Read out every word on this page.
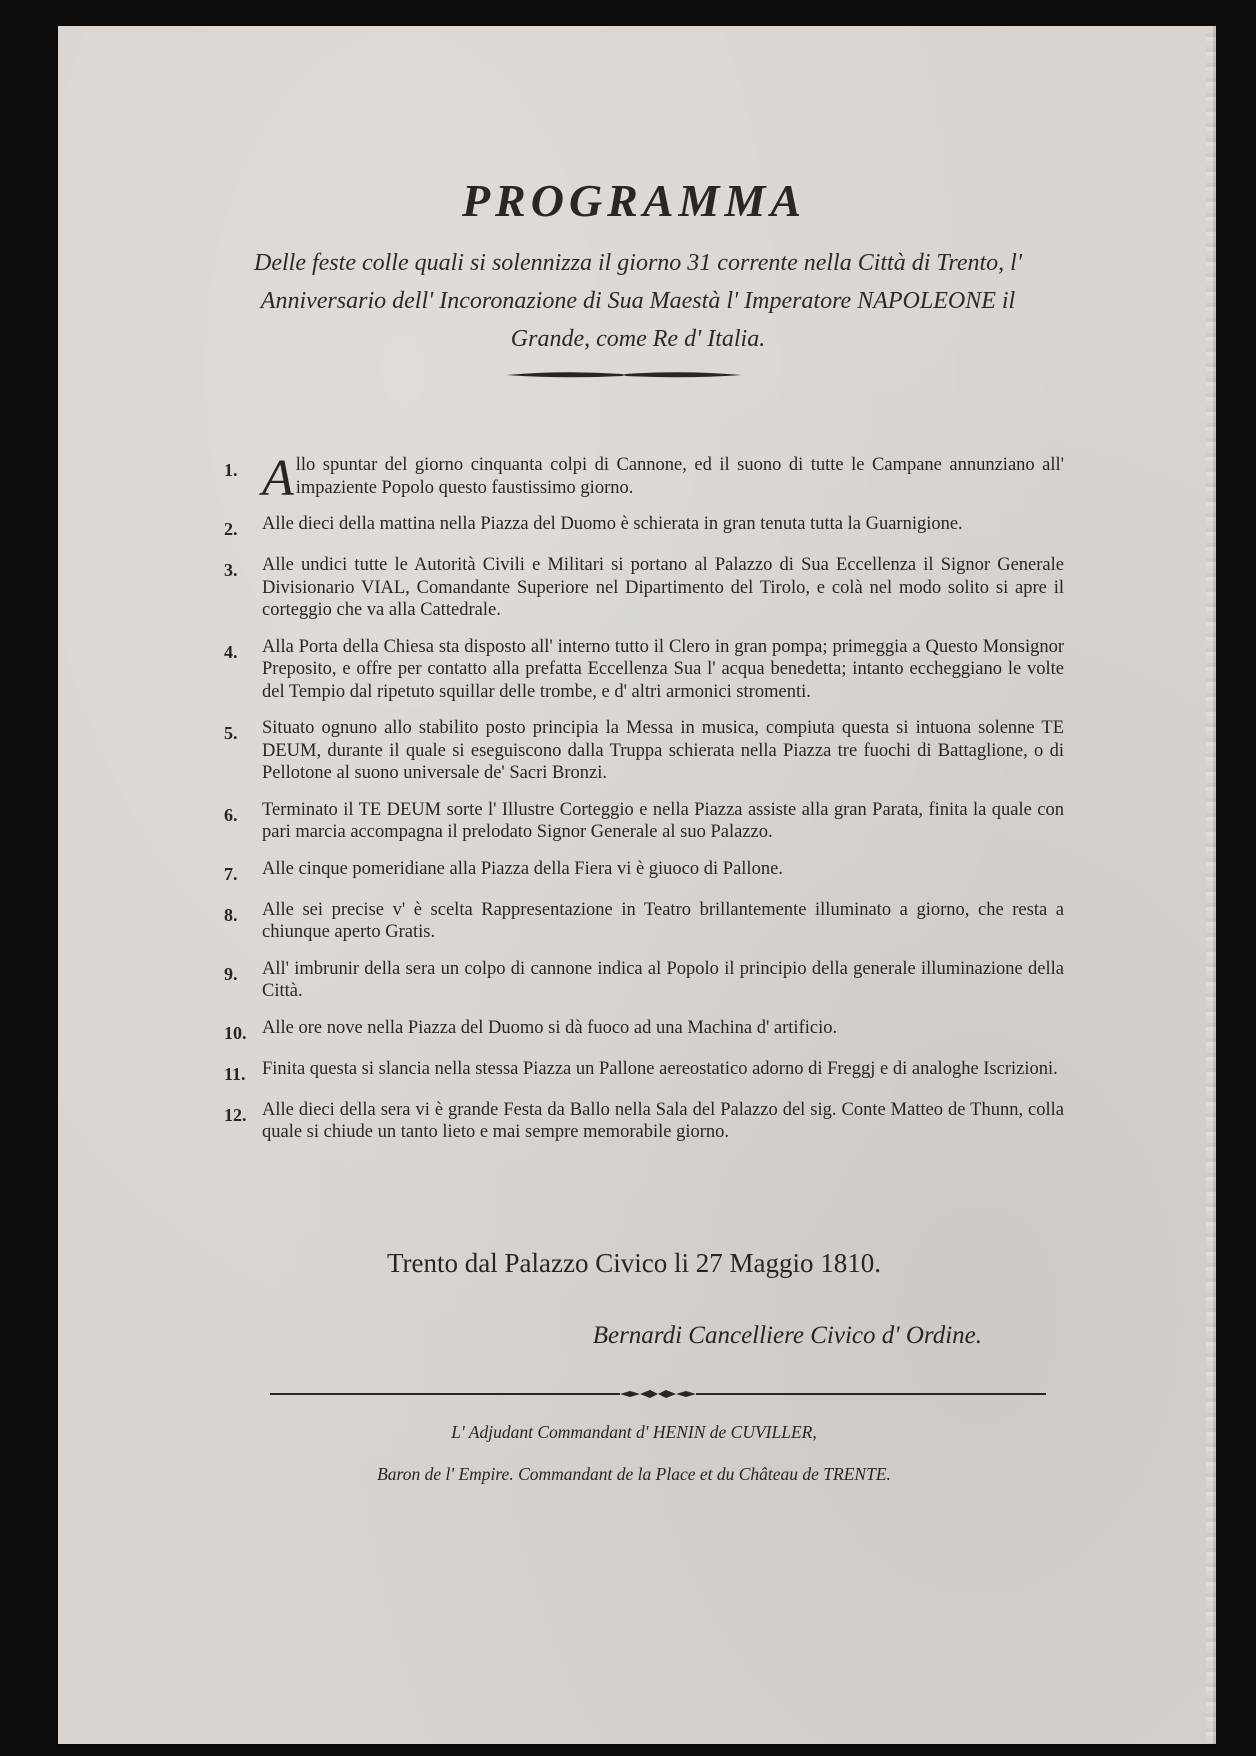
PROGRAMMA
Delle feste colle quali si solennizza il giorno 31 corrente nella Città di Trento, l' Anniversario dell' Incoronazione di Sua Maestà l' Imperatore NAPOLEONE il Grande, come Re d' Italia.
1. Allo spuntar del giorno cinquanta colpi di Cannone, ed il suono di tutte le Campane annunziano all' impaziente Popolo questo faustissimo giorno.
2.	Alle dieci della mattina nella Piazza del Duomo è schierata in gran tenuta tutta la Guarnigione.
3.	Alle undici tutte le Autorità Civili e Militari si portano al Palazzo di Sua Eccellenza il Signor Generale Divisionario VIAL, Comandante Superiore nel Dipartimento del Tirolo, e colà nel modo solito si apre il corteggio che va alla Cattedrale.
4.	Alla Porta della Chiesa sta disposto all' interno tutto il Clero in gran pompa; primeggia a Questo Monsignor Preposito, e offre per contatto alla prefatta Eccellenza Sua l' acqua benedetta; intanto eccheggiano le volte del Tempio dal ripetuto squillar delle trombe, e d' altri armonici stromenti.
5.	Situato ognuno allo stabilito posto principia la Messa in musica, compiuta questa si intuona solenne TE DEUM, durante il quale si eseguiscono dalla Truppa schierata nella Piazza tre fuochi di Battaglione, o di Pellotone al suono universale de' Sacri Bronzi.
6.	Terminato il TE DEUM sorte l' Illustre Corteggio e nella Piazza assiste alla gran Parata, finita la quale con pari marcia accompagna il prelodato Signor Generale al suo Palazzo.
7.	Alle cinque pomeridiane alla Piazza della Fiera vi è giuoco di Pallone.
8.	Alle sei precise v' è scelta Rappresentazione in Teatro brillantemente illuminato a giorno, che resta a chiunque aperto Gratis.
9.	All' imbrunir della sera un colpo di cannone indica al Popolo il principio della generale illuminazione della Città.
10. Alle ore nove nella Piazza del Duomo si dà fuoco ad una Machina d' artificio.
11. Finita questa si slancia nella stessa Piazza un Pallone aereostatico adorno di Freggj e di analoghe Iscrizioni.
12. Alle dieci della sera vi è grande Festa da Ballo nella Sala del Palazzo del sig. Conte Matteo de Thunn, colla quale si chiude un tanto lieto e mai sempre memorabile giorno.
Trento dal Palazzo Civico li 27 Maggio 1810.
Bernardi Cancelliere Civico d' Ordine.
L' Adjudant Commandant d' HENIN de CUVILLER,
Baron de l' Empire. Commandant de la Place et du Château de TRENTE.
